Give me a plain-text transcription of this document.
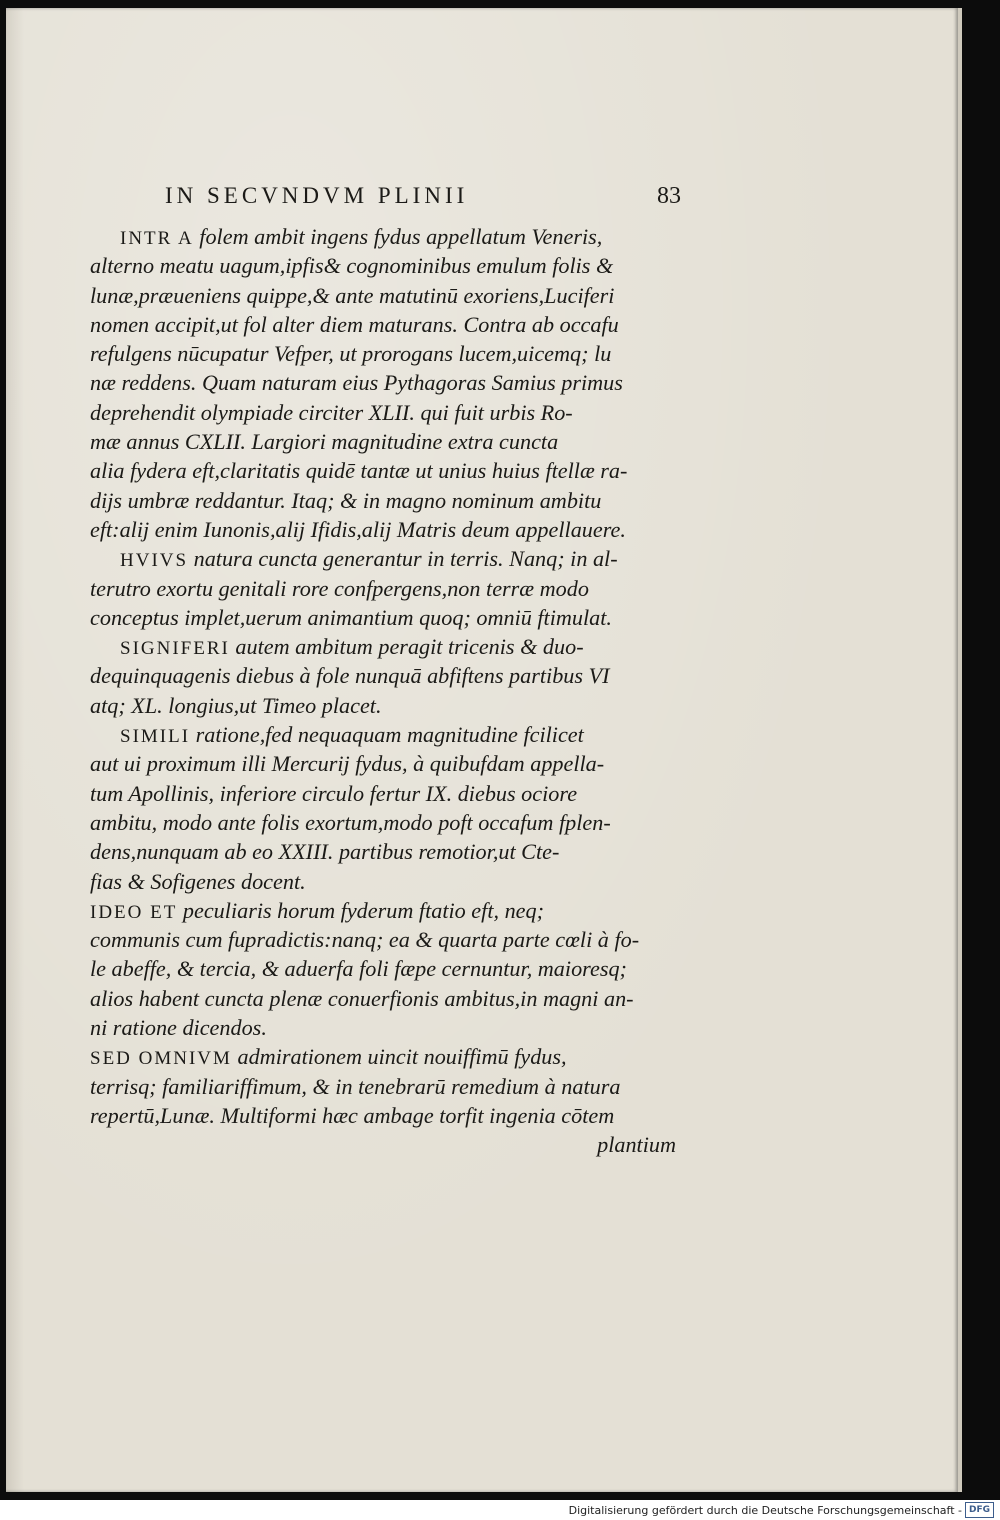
IN SECVNDVM PLINII	83
INTR A folem ambit ingens fydus appellatum Veneris,
alterno meatu uagum,ipfis& cognominibus emulum folis &
lunæ,præueniens quippe,& ante matutinū exoriens,Luciferi
nomen accipit,ut fol alter diem maturans. Contra ab occafu
refulgens nūcupatur Vefper, ut prorogans lucem,uicemq; lu
næ reddens. Quam naturam eius Pythagoras Samius primus
deprehendit olympiade circiter XLII. qui fuit urbis Ro-
mæ annus CXLII. Largiori magnitudine extra cuncta
alia fydera eft,claritatis quidē tantæ ut unius huius ftellæ ra-
dijs umbræ reddantur. Itaq; & in magno nominum ambitu
eft:alij enim Iunonis,alij Ifidis,alij Matris deum appellauere.
HVIVS natura cuncta generantur in terris. Nanq; in al-
terutro exortu genitali rore confpergens,non terræ modo
conceptus implet,uerum animantium quoq; omniū ftimulat.
SIGNIFERI autem ambitum peragit tricenis & duo-
dequinquagenis diebus à fole nunquā abfiftens partibus VI
atq; XL. longius,ut Timeo placet.
SIMILI ratione,fed nequaquam magnitudine fcilicet
aut ui proximum illi Mercurij fydus, à quibufdam appella-
tum Apollinis, inferiore circulo fertur IX. diebus ociore
ambitu, modo ante folis exortum,modo poft occafum fplen-
dens,nunquam ab eo XXIII. partibus remotior,ut Cte-
fias & Sofigenes docent.
IDEO ET peculiaris horum fyderum ftatio eft, neq;
communis cum fupradictis:nanq; ea & quarta parte cœli à fo-
le abeffe, & tercia, & aduerfa foli fæpe cernuntur, maioresq;
alios habent cuncta plenæ conuerfionis ambitus,in magni an-
ni ratione dicendos.
SED OMNIVM admirationem uincit nouiffimū fydus,
terrisq; familiariffimum, & in tenebrarū remedium à natura
repertū,Lunæ. Multiformi hæc ambage torfit ingenia cōtem
plantium
Digitalisierung gefördert durch die Deutsche Forschungsgemeinschaft - DFG
